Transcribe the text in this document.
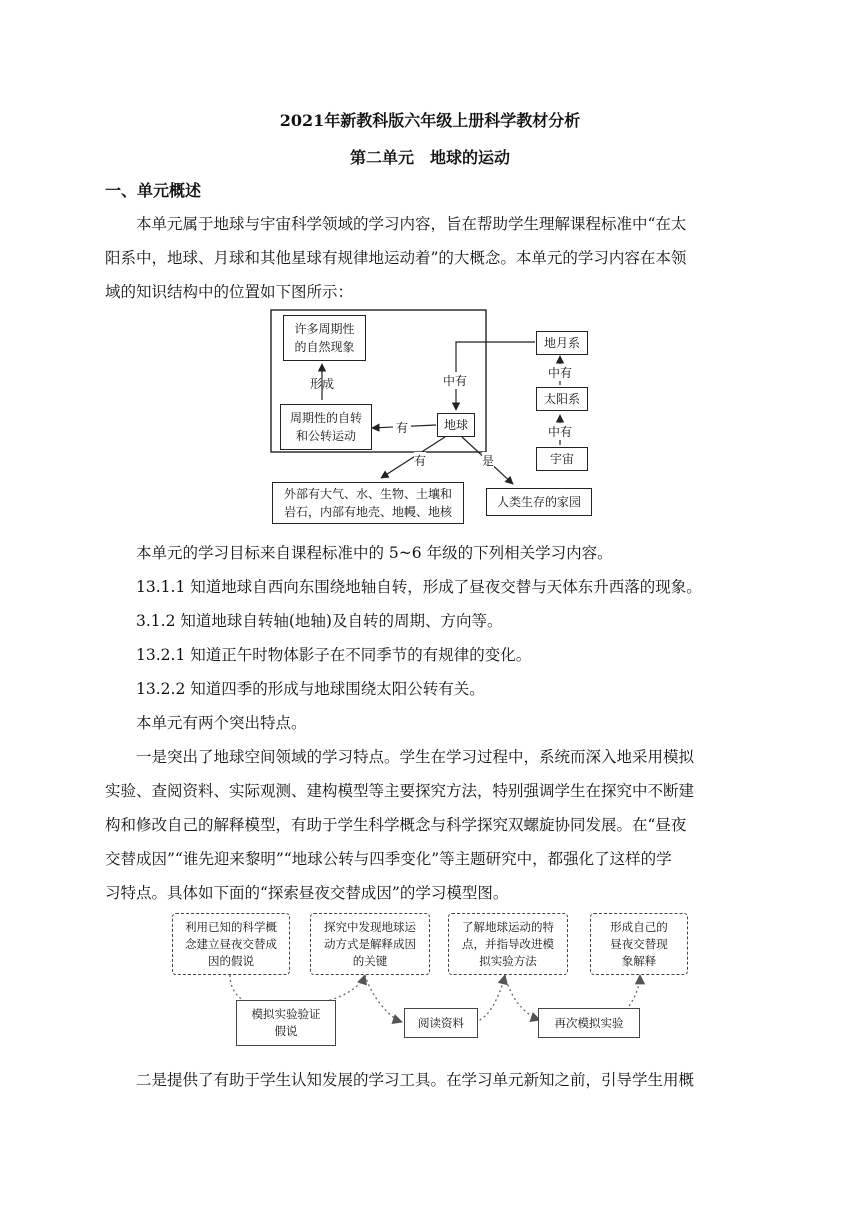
2021年新教科版六年级上册科学教材分析
第二单元　地球的运动
一、单元概述
本单元属于地球与宇宙科学领域的学习内容，旨在帮助学生理解课程标准中“在太
阳系中，地球、月球和其他星球有规律地运动着”的大概念。本单元的学习内容在本领
域的知识结构中的位置如下图所示：
许多周期性
的自然现象
形成
周期性的自转
和公转运动
有	地球
中有
地月系
中有
太阳系
中有
宇宙
有	是
外部有大气、水、生物、土壤和
岩石，内部有地壳、地幔、地核
人类生存的家园
本单元的学习目标来自课程标准中的 5~6 年级的下列相关学习内容。
13.1.1 知道地球自西向东围绕地轴自转，形成了昼夜交替与天体东升西落的现象。
3.1.2 知道地球自转轴(地轴)及自转的周期、方向等。
13.2.1 知道正午时物体影子在不同季节的有规律的变化。
13.2.2 知道四季的形成与地球围绕太阳公转有关。
本单元有两个突出特点。
一是突出了地球空间领域的学习特点。学生在学习过程中，系统而深入地采用模拟
实验、查阅资料、实际观测、建构模型等主要探究方法，特别强调学生在探究中不断建
构和修改自己的解释模型，有助于学生科学概念与科学探究双螺旋协同发展。在“昼夜
交替成因”“谁先迎来黎明”“地球公转与四季变化”等主题研究中，都强化了这样的学
习特点。具体如下面的“探索昼夜交替成因”的学习模型图。
利用已知的科学概
念建立昼夜交替成
因的假说
探究中发现地球运
动方式是解释成因
的关键
了解地球运动的特
点，并指导改进模
拟实验方法
形成自己的
昼夜交替现
象解释
模拟实验验证
假说
阅读资料	再次模拟实验
二是提供了有助于学生认知发展的学习工具。在学习单元新知之前，引导学生用概
